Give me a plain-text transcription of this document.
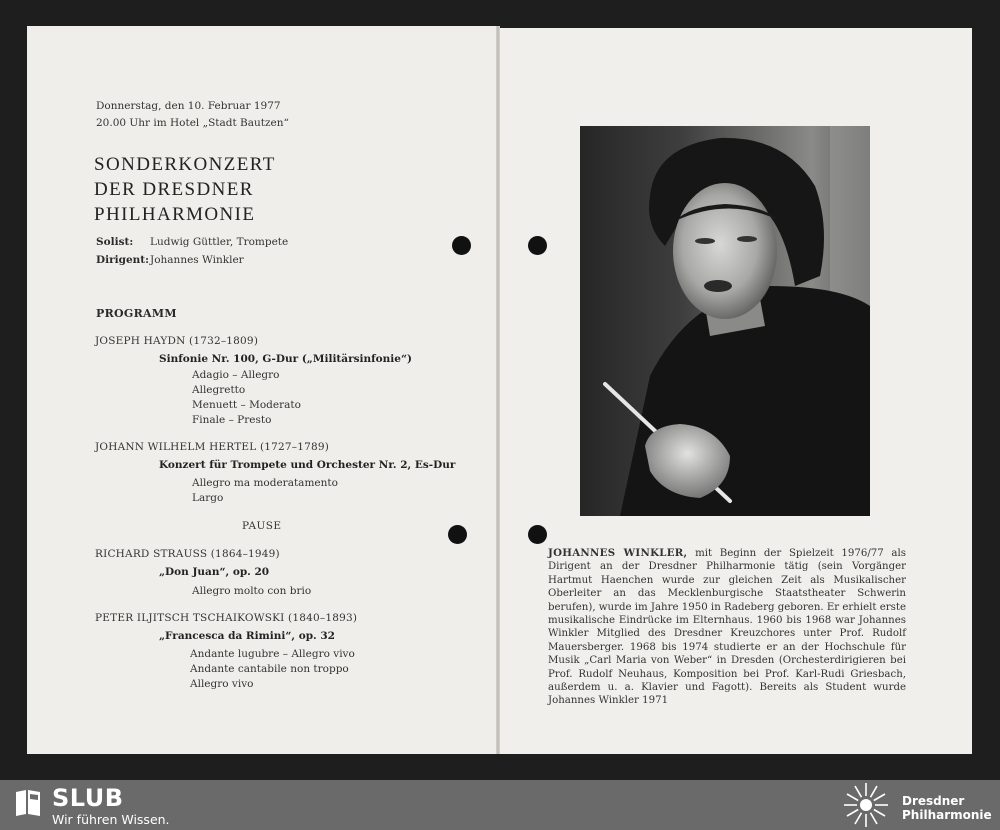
Donnerstag, den 10. Februar 1977
20.00 Uhr im Hotel „Stadt Bautzen“
SONDERKONZERT
DER DRESDNER
PHILHARMONIE
Solist: Ludwig Güttler, Trompete
Dirigent: Johannes Winkler
PROGRAMM
JOSEPH HAYDN (1732–1809)
Sinfonie Nr. 100, G-Dur („Militärsinfonie“)
Adagio – Allegro
Allegretto
Menuett – Moderato
Finale – Presto
JOHANN WILHELM HERTEL (1727–1789)
Konzert für Trompete und Orchester Nr. 2, Es-Dur
Allegro ma moderatamento
Largo
PAUSE
RICHARD STRAUSS (1864–1949)
„Don Juan“, op. 20
Allegro molto con brio
PETER ILJITSCH TSCHAIKOWSKI (1840–1893)
„Francesca da Rimini“, op. 32
Andante lugubre – Allegro vivo
Andante cantabile non troppo
Allegro vivo
JOHANNES WINKLER, mit Beginn der Spielzeit 1976/77 als Dirigent an der Dresdner Philharmonie tätig (sein Vorgänger Hartmut Haenchen wurde zur gleichen Zeit als Musikalischer Oberleiter an das Mecklenburgische Staatstheater Schwerin berufen), wurde im Jahre 1950 in Radeberg geboren. Er erhielt erste musikalische Eindrücke im Elternhaus. 1960 bis 1968 war Johannes Winkler Mitglied des Dresdner Kreuzchores unter Prof. Rudolf Mauersberger. 1968 bis 1974 studierte er an der Hochschule für Musik „Carl Maria von Weber“ in Dresden (Orchesterdirigieren bei Prof. Rudolf Neuhaus, Komposition bei Prof. Karl-Rudi Griesbach, außerdem u. a. Klavier und Fagott). Bereits als Student wurde Johannes Winkler 1971
SLUB
Wir führen Wissen.
Dresdner
Philharmonie
